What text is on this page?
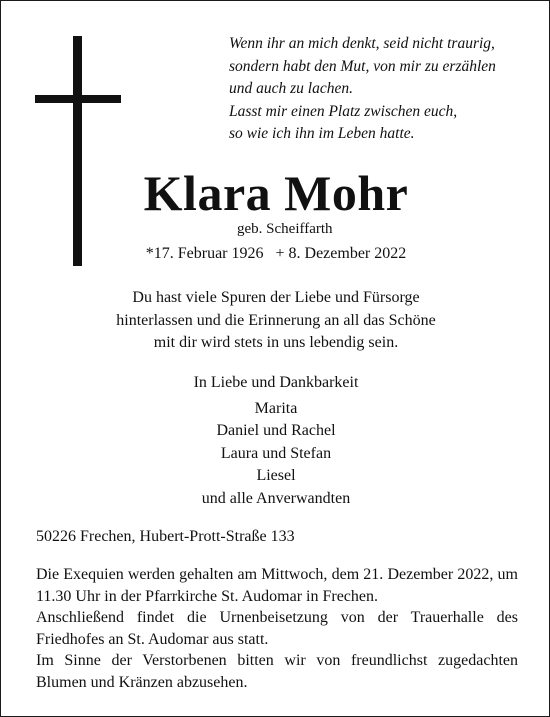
Wenn ihr an mich denkt, seid nicht traurig,
sondern habt den Mut, von mir zu erzählen
und auch zu lachen.
Lasst mir einen Platz zwischen euch,
so wie ich ihn im Leben hatte.
Klara Mohr
geb. Scheiffarth
*17. Februar 1926 + 8. Dezember 2022
Du hast viele Spuren der Liebe und Fürsorge
hinterlassen und die Erinnerung an all das Schöne
mit dir wird stets in uns lebendig sein.
In Liebe und Dankbarkeit
Marita
Daniel und Rachel
Laura und Stefan
Liesel
und alle Anverwandten
50226 Frechen, Hubert-Prott-Straße 133

Die Exequien werden gehalten am Mittwoch, dem 21. Dezember 2022, um 11.30 Uhr in der Pfarrkirche St. Audomar in Frechen.

Anschließend findet die Urnenbeisetzung von der Trauerhalle des Friedhofes an St. Audomar aus statt.

Im Sinne der Verstorbenen bitten wir von freundlichst zugedachten Blumen und Kränzen abzusehen.
